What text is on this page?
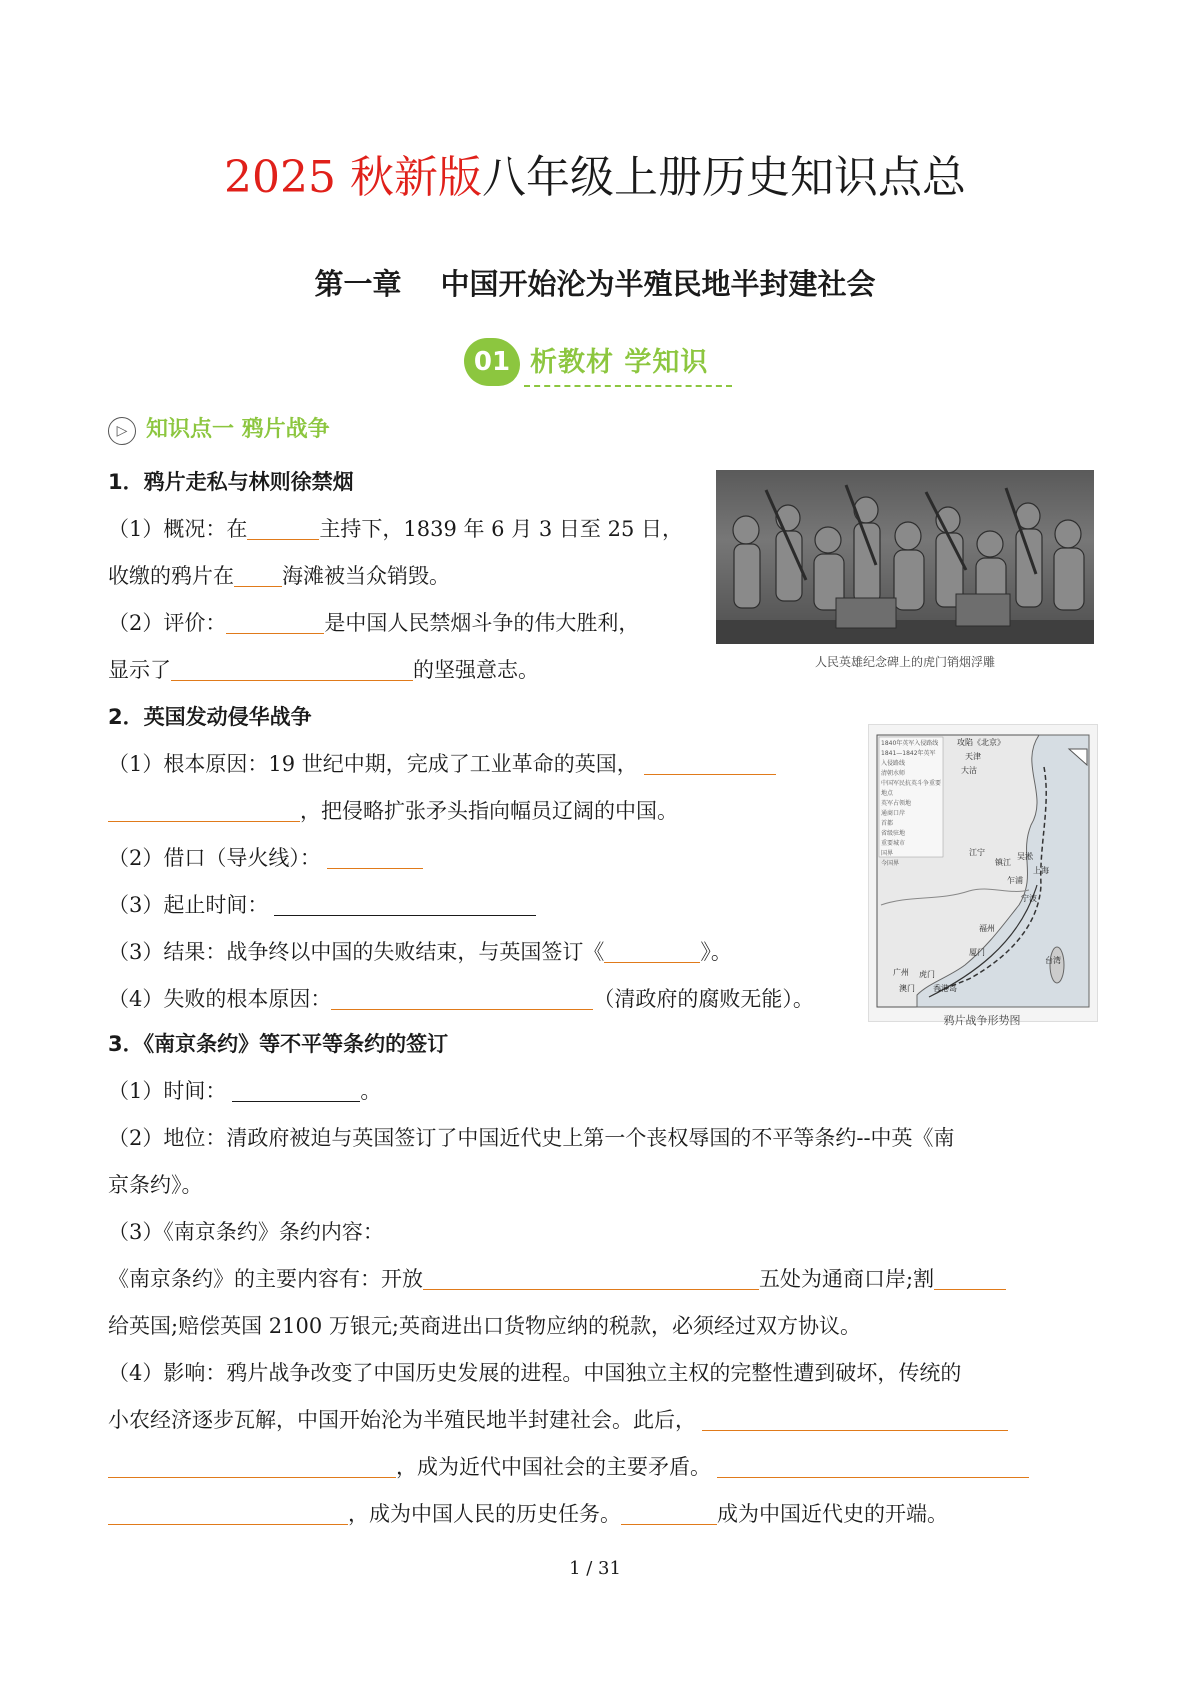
2025 秋新版八年级上册历史知识点总
第一章　 中国开始沦为半殖民地半封建社会
01 析教材 学知识
▷ 知识点一 鸦片战争
1．鸦片走私与林则徐禁烟
（1）概况：在	主持下，1839 年 6 月 3 日至 25 日，
收缴的鸦片在 海滩被当众销毁。
（2）评价：	是中国人民禁烟斗争的伟大胜利，
显示了	的坚强意志。	人民英雄纪念碑上的虎门销烟浮雕
2．英国发动侵华战争
（1）根本原因：19 世纪中期，完成了工业革命的英国，
，把侵略扩张矛头指向幅员辽阔的中国。
（2）借口（导火线）：
（3）起止时间：
（3）结果：战争终以中国的失败结束，与英国签订《	》。
（4）失败的根本原因：	（清政府的腐败无能）。
1840年英军入侵路线
1841—1842年英军入侵路线
清朝水师
中国军民抗英斗争重要地点
英军占领地
通商口岸
首都
省级驻地
重要城市
国界
今国界
攻陷《北京》
天津
大沽
江宁
镇江
吴淞
上海
乍浦
宁波
福州
厦门
台湾
广州 虎门
香港岛
澳门
鸦片战争形势图
3．《南京条约》等不平等条约的签订
（1）时间：	。
（2）地位：清政府被迫与英国签订了中国近代史上第一个丧权辱国的不平等条约--中英《南
京条约》。
（3）《南京条约》条约内容：
《南京条约》的主要内容有：开放	五处为通商口岸;割
给英国;赔偿英国 2100 万银元;英商进出口货物应纳的税款，必须经过双方协议。
（4）影响：鸦片战争改变了中国历史发展的进程。中国独立主权的完整性遭到破坏，传统的
小农经济逐步瓦解，中国开始沦为半殖民地半封建社会。此后，
，成为近代中国社会的主要矛盾。
，成为中国人民的历史任务。	成为中国近代史的开端。
1 / 31
